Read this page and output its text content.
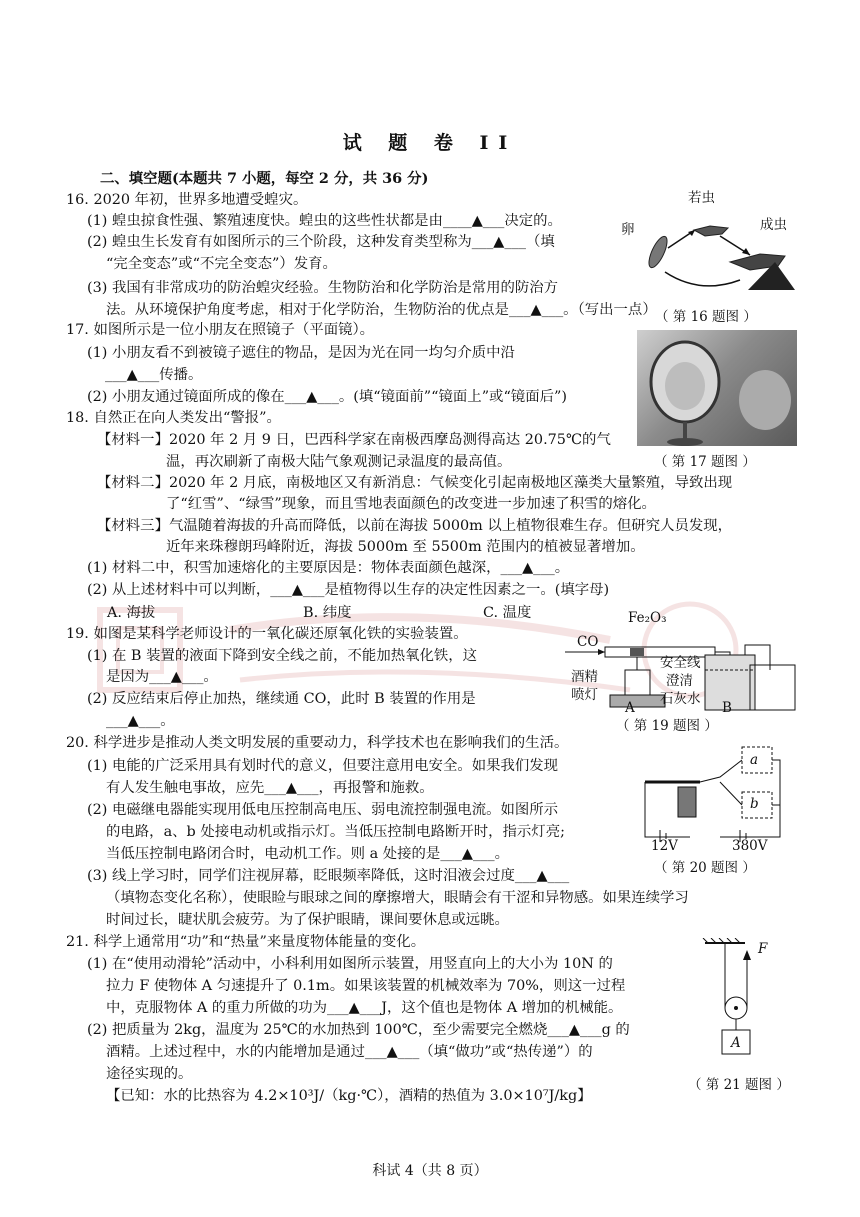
试 题 卷 II
二、填空题(本题共 7 小题，每空 2 分，共 36 分)
16. 2020 年初，世界多地遭受蝗灾。
(1) 蝗虫掠食性强、繁殖速度快。蝗虫的这些性状都是由____▲___决定的。
(2) 蝗虫生长发育有如图所示的三个阶段，这种发育类型称为___▲___（填
“完全变态”或“不完全变态”）发育。
(3) 我国有非常成功的防治蝗灾经验。生物防治和化学防治是常用的防治方
法。从环境保护角度考虑，相对于化学防治，生物防治的优点是___▲___。（写出一点）
卵
若虫
成虫
（ 第 16 题图 ）
17. 如图所示是一位小朋友在照镜子（平面镜）。
(1) 小朋友看不到被镜子遮住的物品，是因为光在同一均匀介质中沿
___▲___传播。
(2) 小朋友通过镜面所成的像在___▲___。(填“镜面前”“镜面上”或“镜面后”)
（ 第 17 题图 ）
18. 自然正在向人类发出“警报”。
【材料一】2020 年 2 月 9 日，巴西科学家在南极西摩岛测得高达 20.75℃的气
温，再次刷新了南极大陆气象观测记录温度的最高值。
【材料二】2020 年 2 月底，南极地区又有新消息：气候变化引起南极地区藻类大量繁殖，导致出现
了“红雪”、“绿雪”现象，而且雪地表面颜色的改变进一步加速了积雪的熔化。
【材料三】气温随着海拔的升高而降低，以前在海拔 5000m 以上植物很难生存。但研究人员发现，
近年来珠穆朗玛峰附近，海拔 5000m 至 5500m 范围内的植被显著增加。
(1) 材料二中，积雪加速熔化的主要原因是：物体表面颜色越深，___▲___。
(2) 从上述材料中可以判断，___▲___是植物得以生存的决定性因素之一。(填字母)
A. 海拔	B. 纬度	C. 温度
19. 如图是某科学老师设计的一氧化碳还原氧化铁的实验装置。
(1) 在 B 装置的液面下降到安全线之前，不能加热氧化铁，这
是因为___▲___。
(2) 反应结束后停止加热，继续通 CO，此时 B 装置的作用是
___▲___。
Fe₂O₃
CO
酒精
喷灯
安全线
澄清
石灰水
A	B
（ 第 19 题图 ）
20. 科学进步是推动人类文明发展的重要动力，科学技术也在影响我们的生活。
(1) 电能的广泛采用具有划时代的意义，但要注意用电安全。如果我们发现
有人发生触电事故，应先___▲___，再报警和施救。
(2) 电磁继电器能实现用低电压控制高电压、弱电流控制强电流。如图所示
的电路，a、b 处接电动机或指示灯。当低压控制电路断开时，指示灯亮;
当低压控制电路闭合时，电动机工作。则 a 处接的是___▲___。
(3) 线上学习时，同学们注视屏幕，眨眼频率降低，这时泪液会过度___▲___
（填物态变化名称），使眼睑与眼球之间的摩擦增大，眼睛会有干涩和异物感。如果连续学习
时间过长，睫状肌会疲劳。为了保护眼睛，课间要休息或远眺。
a
b
12V	380V
（ 第 20 题图 ）
21. 科学上通常用“功”和“热量”来量度物体能量的变化。
(1) 在“使用动滑轮”活动中，小科利用如图所示装置，用竖直向上的大小为 10N 的
拉力 F 使物体 A 匀速提升了 0.1m。如果该装置的机械效率为 70%，则这一过程
中，克服物体 A 的重力所做的功为___▲___J，这个值也是物体 A 增加的机械能。
(2) 把质量为 2kg，温度为 25℃的水加热到 100℃，至少需要完全燃烧___▲___g 的
酒精。上述过程中，水的内能增加是通过___▲___（填“做功”或“热传递”）的
途径实现的。
【已知：水的比热容为 4.2×10³J/（kg·℃），酒精的热值为 3.0×10⁷J/kg】
F
A
（ 第 21 题图 ）
科试 4（共 8 页）
